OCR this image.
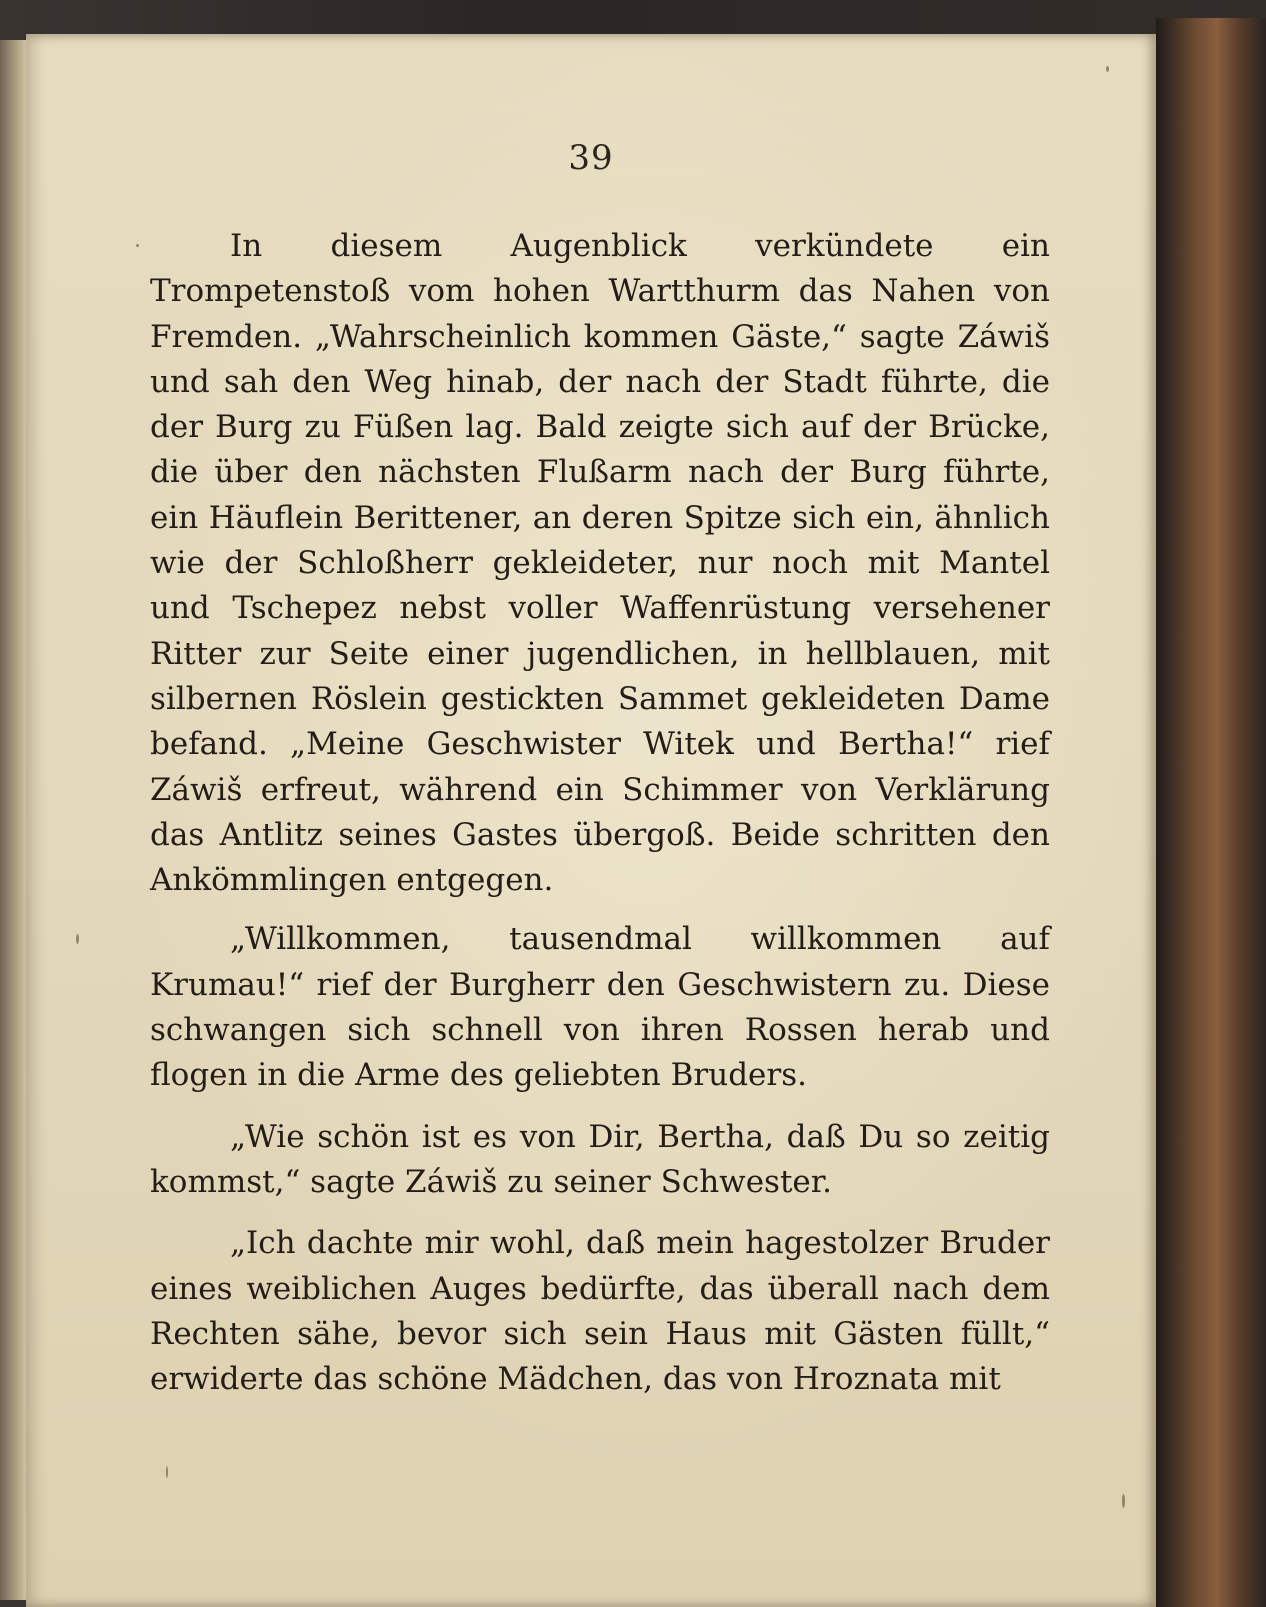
39

In diesem Augenblick verkündete ein Trompetenstoß vom hohen Wartthurm das Nahen von Fremden. „Wahrscheinlich kommen Gäste,“ sagte Záwiš und sah den Weg hinab, der nach der Stadt führte, die der Burg zu Füßen lag. Bald zeigte sich auf der Brücke, die über den nächsten Flußarm nach der Burg führte, ein Häuflein Berittener, an deren Spitze sich ein, ähnlich wie der Schloßherr gekleideter, nur noch mit Mantel und Tschepez nebst voller Waffenrüstung versehener Ritter zur Seite einer jugendlichen, in hellblauen, mit silbernen Röslein gestickten Sammet gekleideten Dame befand. „Meine Geschwister Witek und Bertha!“ rief Záwiš erfreut, während ein Schimmer von Verklärung das Antlitz seines Gastes übergoß. Beide schritten den Ankömmlingen entgegen.

„Willkommen, tausendmal willkommen auf Krumau!“ rief der Burgherr den Geschwistern zu. Diese schwangen sich schnell von ihren Rossen herab und flogen in die Arme des geliebten Bruders.

„Wie schön ist es von Dir, Bertha, daß Du so zeitig kommst,“ sagte Záwiš zu seiner Schwester.

„Ich dachte mir wohl, daß mein hagestolzer Bruder eines weiblichen Auges bedürfte, das überall nach dem Rechten sähe, bevor sich sein Haus mit Gästen füllt,“ erwiderte das schöne Mädchen, das von Hroznata mit
